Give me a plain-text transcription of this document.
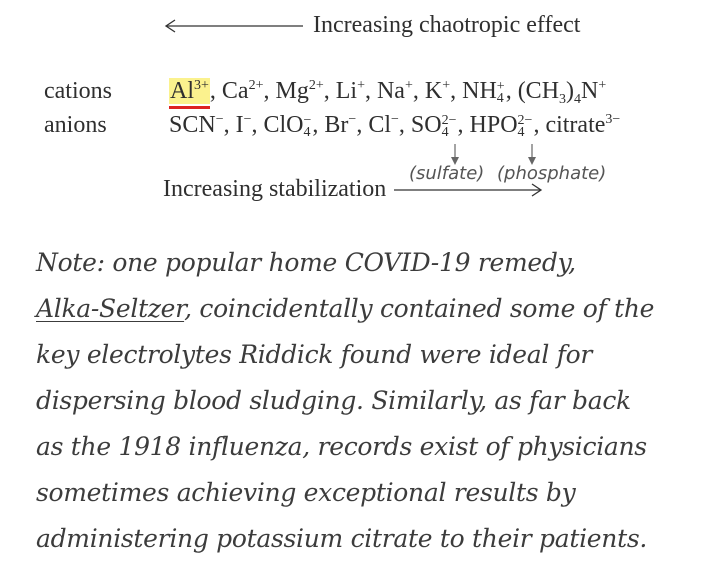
Increasing chaotropic effect
cations $Al^{3+}$, $Ca^{2+}$, $Mg^{2+}$, Li+, Na+, K+, NH +
4 , $(CH_3)_4N^+$
anions	SCN−, I−, ClO −
4 , Br−, Cl−, SO 2−
4 , HPO 2−
4 , citrate$^{3-}$
(sulfate) (phosphate)
Increasing stabilization
Note: one popular home COVID-19 remedy,
Alka-Seltzer, coincidentally contained some of the
key electrolytes Riddick found were ideal for
dispersing blood sludging. Similarly, as far back
as the 1918 influenza, records exist of physicians
sometimes achieving exceptional results by
administering potassium citrate to their patients.
